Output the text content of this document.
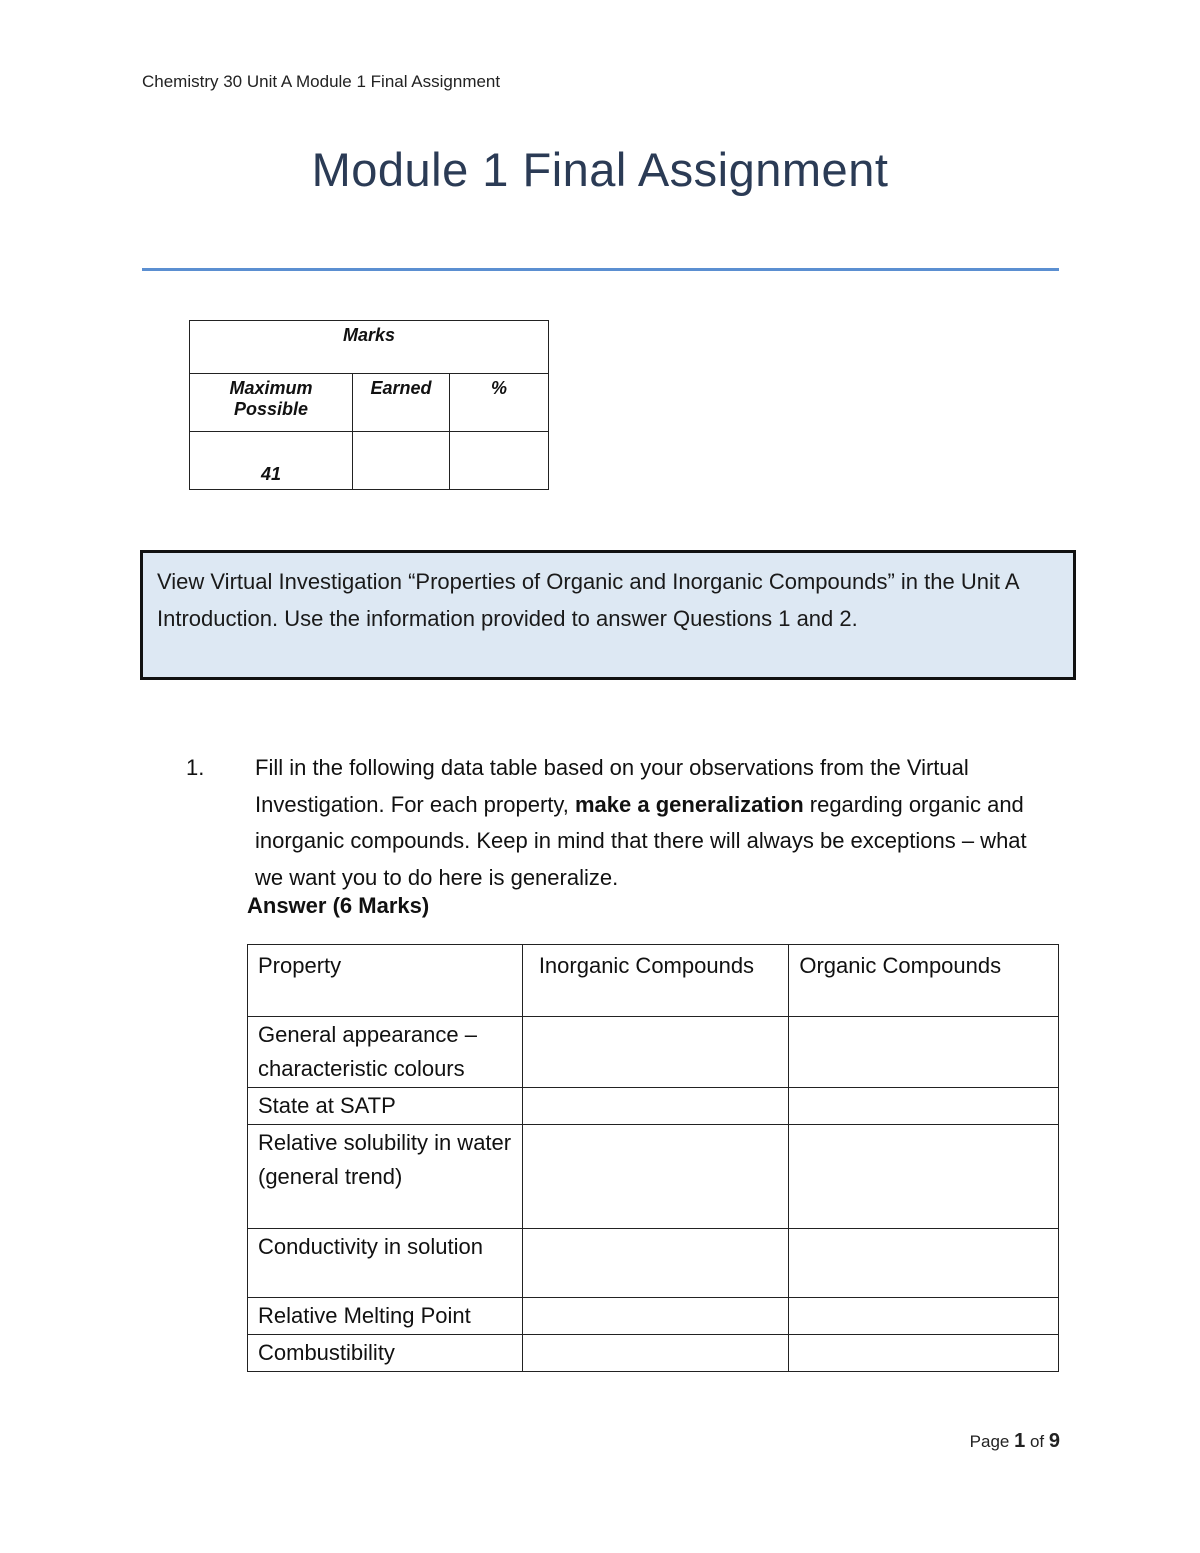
Chemistry 30 Unit A Module 1 Final Assignment
Module 1 Final Assignment
Marks		
Maximum Possible	Earned	%
41		
View Virtual Investigation “Properties of Organic and Inorganic Compounds” in the Unit A Introduction. Use the information provided to answer Questions 1 and 2.
1. Fill in the following data table based on your observations from the Virtual Investigation. For each property, make a generalization regarding organic and inorganic compounds. Keep in mind that there will always be exceptions – what we want you to do here is generalize.
Answer (6 Marks)
Property	Inorganic Compounds	Organic Compounds
General appearance – characteristic colours		
State at SATP		
Relative solubility in water
(general trend)		
Conductivity in solution		
Relative Melting Point		
Combustibility		
Page 1 of 9
